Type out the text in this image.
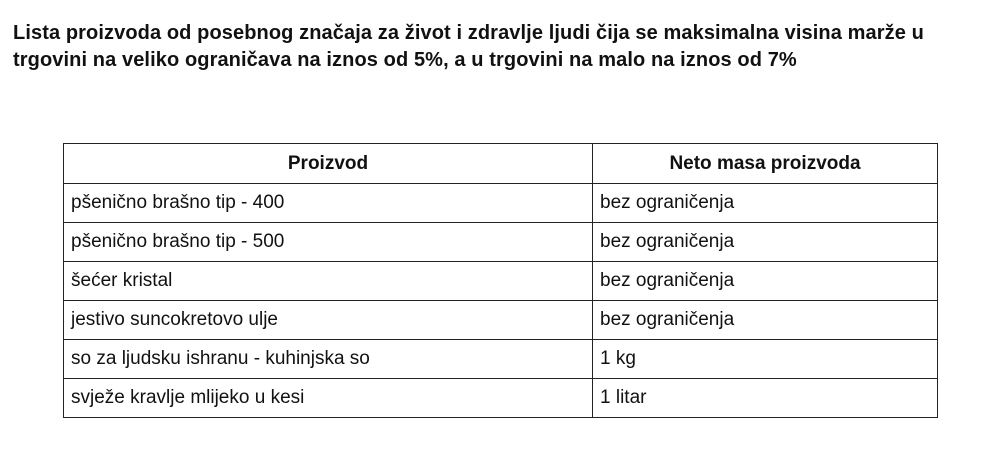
Lista proizvoda od posebnog značaja za život i zdravlje ljudi čija se maksimalna visina marže u trgovini na veliko ograničava na iznos od 5%, a u trgovini na malo na iznos od 7%

Proizvod	Neto masa proizvoda
pšenično brašno tip - 400	bez ograničenja
pšenično brašno tip - 500	bez ograničenja
šećer kristal	bez ograničenja
jestivo suncokretovo ulje	bez ograničenja
so za ljudsku ishranu - kuhinjska so	1 kg
svježe kravlje mlijeko u kesi	1 litar
